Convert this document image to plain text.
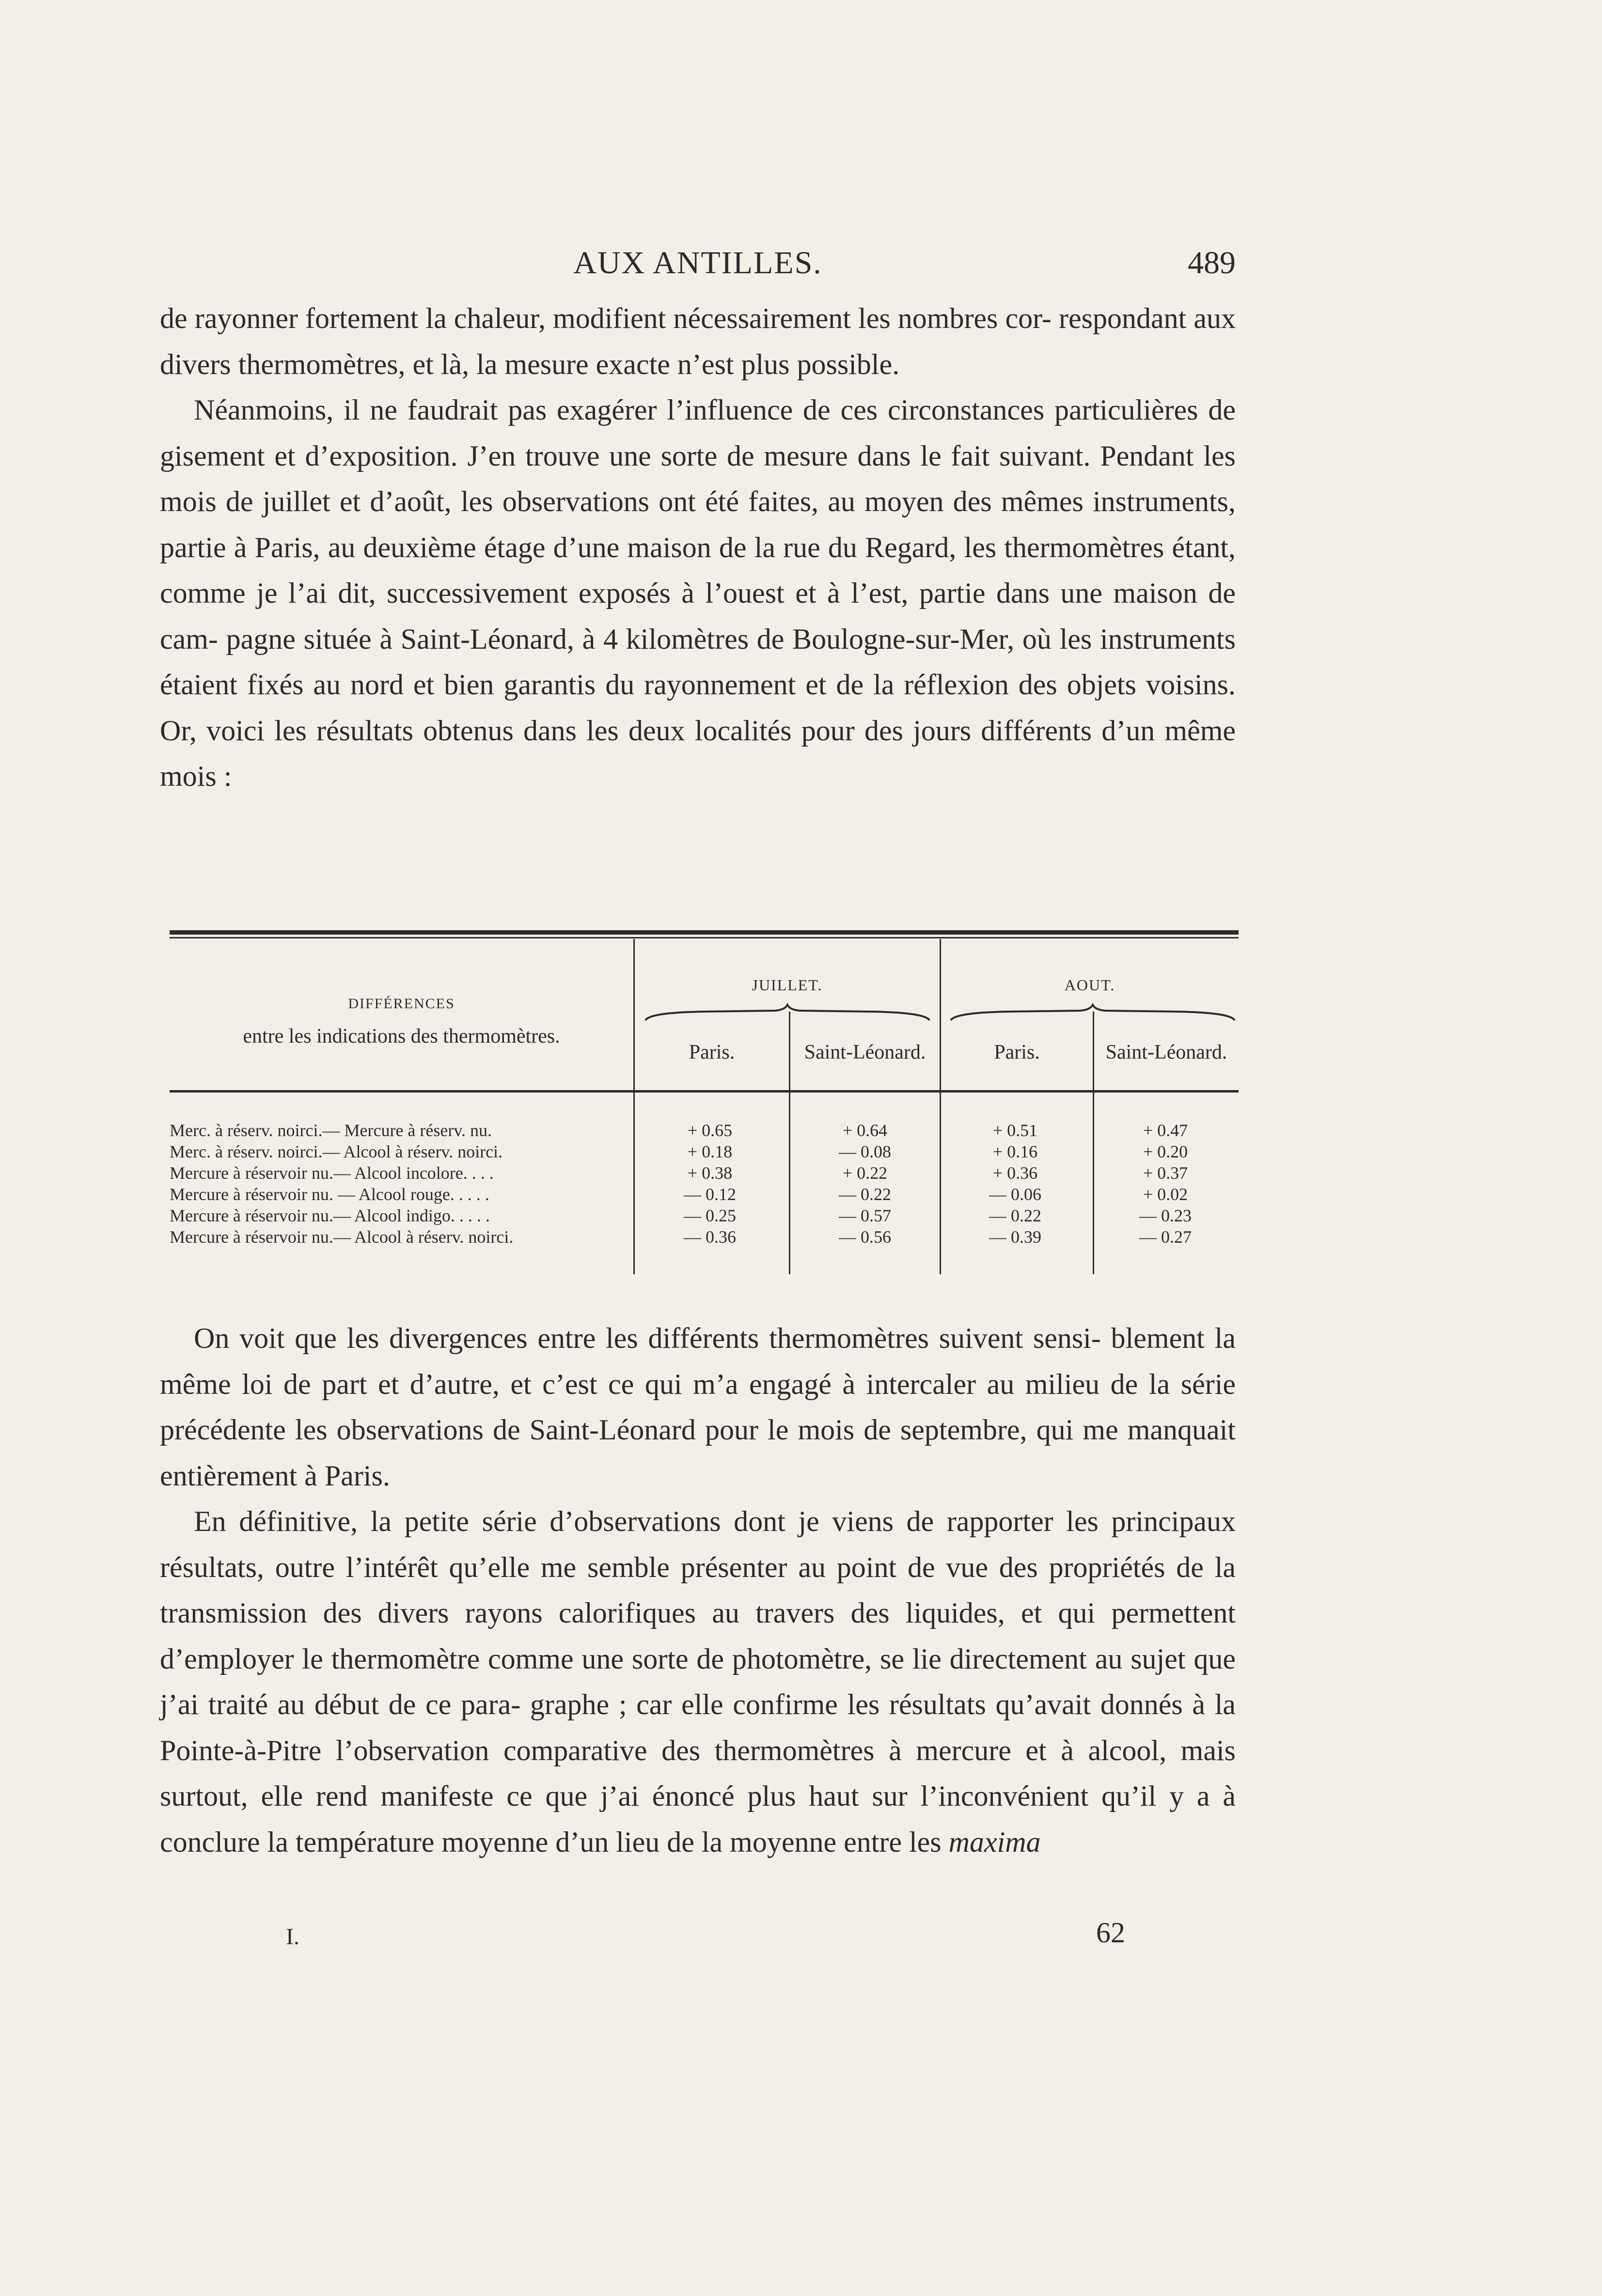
AUX ANTILLES.	489

de rayonner fortement la chaleur, modifient nécessairement les nombres cor- respondant aux divers thermomètres, et là, la mesure exacte n’est plus possible.

Néanmoins, il ne faudrait pas exagérer l’influence de ces circonstances particulières de gisement et d’exposition. J’en trouve une sorte de mesure dans le fait suivant. Pendant les mois de juillet et d’août, les observations ont été faites, au moyen des mêmes instruments, partie à Paris, au deuxième étage d’une maison de la rue du Regard, les thermomètres étant, comme je l’ai dit, successivement exposés à l’ouest et à l’est, partie dans une maison de cam- pagne située à Saint-Léonard, à 4 kilomètres de Boulogne-sur-Mer, où les instruments étaient fixés au nord et bien garantis du rayonnement et de la réflexion des objets voisins. Or, voici les résultats obtenus dans les deux localités pour des jours différents d’un même mois :

DIFFÉRENCES
entre les indications des thermomètres.
JUILLET.	AOUT.
Paris.	Saint-Léonard.	Paris.	Saint-Léonard.
Merc. à réserv. noirci.— Mercure à réserv. nu.	+ 0.65	+ 0.64	+ 0.51	+ 0.47
Merc. à réserv. noirci.— Alcool à réserv. noirci.	+ 0.18	— 0.08	+ 0.16	+ 0.20
Mercure à réservoir nu.— Alcool incolore. . . .	+ 0.38	+ 0.22	+ 0.36	+ 0.37
Mercure à réservoir nu. — Alcool rouge. . . . .	— 0.12	— 0.22	— 0.06	+ 0.02
Mercure à réservoir nu.— Alcool indigo. . . . .	— 0.25	— 0.57	— 0.22	— 0.23
Mercure à réservoir nu.— Alcool à réserv. noirci.	— 0.36	— 0.56	— 0.39	— 0.27

On voit que les divergences entre les différents thermomètres suivent sensi- blement la même loi de part et d’autre, et c’est ce qui m’a engagé à intercaler au milieu de la série précédente les observations de Saint-Léonard pour le mois de septembre, qui me manquait entièrement à Paris.

En définitive, la petite série d’observations dont je viens de rapporter les principaux résultats, outre l’intérêt qu’elle me semble présenter au point de vue des propriétés de la transmission des divers rayons calorifiques au travers des liquides, et qui permettent d’employer le thermomètre comme une sorte de photomètre, se lie directement au sujet que j’ai traité au début de ce para- graphe ; car elle confirme les résultats qu’avait donnés à la Pointe-à-Pitre l’observation comparative des thermomètres à mercure et à alcool, mais surtout, elle rend manifeste ce que j’ai énoncé plus haut sur l’inconvénient qu’il y a à conclure la température moyenne d’un lieu de la moyenne entre les maxima

I.	62
